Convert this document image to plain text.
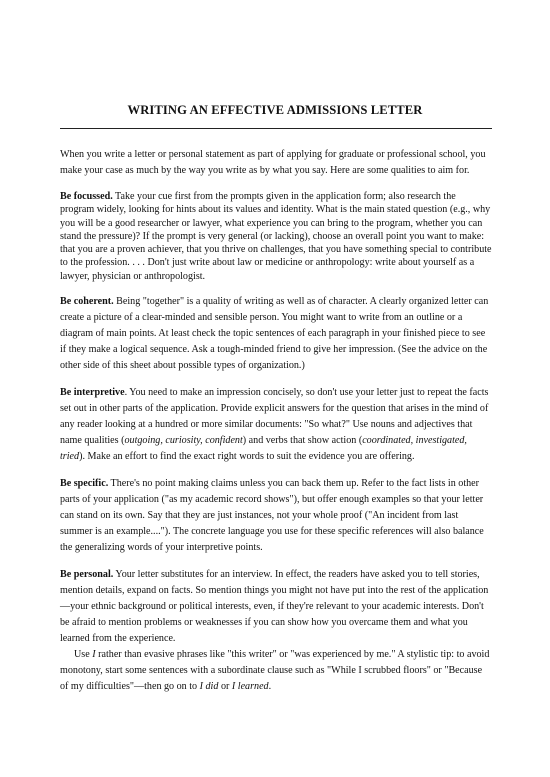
WRITING AN EFFECTIVE ADMISSIONS LETTER

When you write a letter or personal statement as part of applying for graduate or professional school, you make your case as much by the way you write as by what you say. Here are some qualities to aim for.

Be focussed. Take your cue first from the prompts given in the application form; also research the program widely, looking for hints about its values and identity. What is the main stated question (e.g., why you will be a good researcher or lawyer, what experience you can bring to the program, whether you can stand the pressure)? If the prompt is very general (or lacking), choose an overall point you want to make: that you are a proven achiever, that you thrive on challenges, that you have something special to contribute to the profession. . . . Don't just write about law or medicine or anthropology: write about yourself as a lawyer, physician or anthropologist.

Be coherent. Being "together" is a quality of writing as well as of character. A clearly organized letter can create a picture of a clear-minded and sensible person. You might want to write from an outline or a diagram of main points. At least check the topic sentences of each paragraph in your finished piece to see if they make a logical sequence. Ask a tough-minded friend to give her impression. (See the advice on the other side of this sheet about possible types of organization.)

Be interpretive. You need to make an impression concisely, so don't use your letter just to repeat the facts set out in other parts of the application. Provide explicit answers for the question that arises in the mind of any reader looking at a hundred or more similar documents: "So what?" Use nouns and adjectives that name qualities (outgoing, curiosity, confident) and verbs that show action (coordinated, investigated, tried). Make an effort to find the exact right words to suit the evidence you are offering.

Be specific. There's no point making claims unless you can back them up. Refer to the fact lists in other parts of your application ("as my academic record shows"), but offer enough examples so that your letter can stand on its own. Say that they are just instances, not your whole proof ("An incident from last summer is an example...."). The concrete language you use for these specific references will also balance the generalizing words of your interpretive points.

Be personal. Your letter substitutes for an interview. In effect, the readers have asked you to tell stories, mention details, expand on facts. So mention things you might not have put into the rest of the application—your ethnic background or political interests, even, if they're relevant to your academic interests. Don't be afraid to mention problems or weaknesses if you can show how you overcame them and what you learned from the experience.

Use I rather than evasive phrases like "this writer" or "was experienced by me." A stylistic tip: to avoid monotony, start some sentences with a subordinate clause such as "While I scrubbed floors" or "Because of my difficulties"—then go on to I did or I learned.
